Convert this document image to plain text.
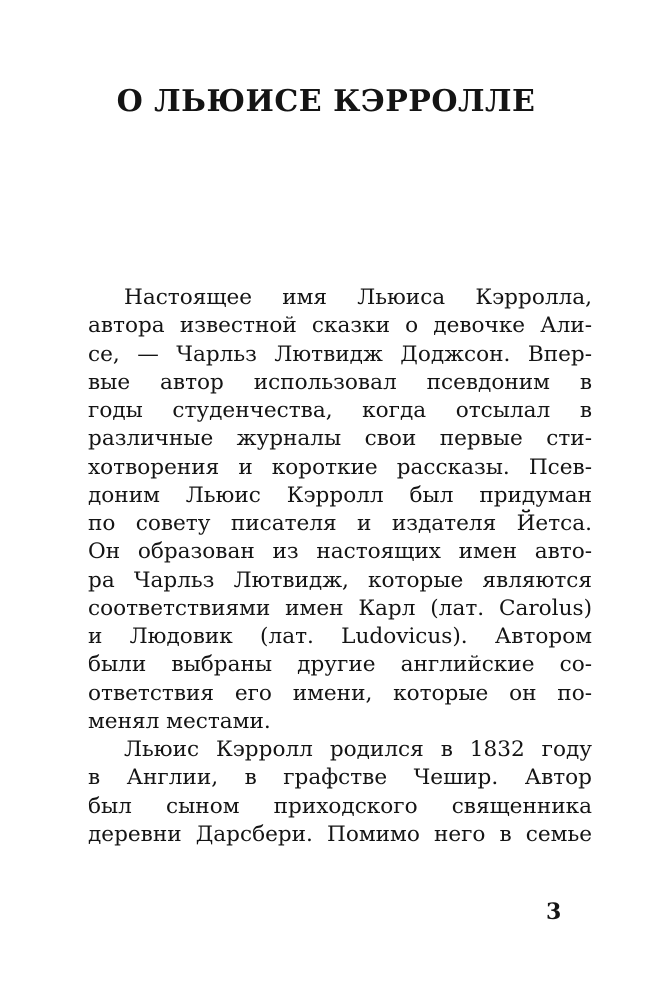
О ЛЬЮИСЕ КЭРРОЛЛЕ
Настоящее имя Льюиса Кэрролла,
автора известной сказки о девочке Али-
се, — Чарльз Лютвидж Доджсон. Впер-
вые автор использовал псевдоним в
годы студенчества, когда отсылал в
различные журналы свои первые сти-
хотворения и короткие рассказы. Псев-
доним Льюис Кэрролл был придуман
по совету писателя и издателя Йетса.
Он образован из настоящих имен авто-
ра Чарльз Лютвидж, которые являются
соответствиями имен Карл (лат. Carolus)
и Людовик (лат. Ludovicus). Автором
были выбраны другие английские со-
ответствия его имени, которые он по-
менял местами.
Льюис Кэрролл родился в 1832 году
в Англии, в графстве Чешир. Автор
был сыном приходского священника
деревни Дарсбери. Помимо него в семье
3
